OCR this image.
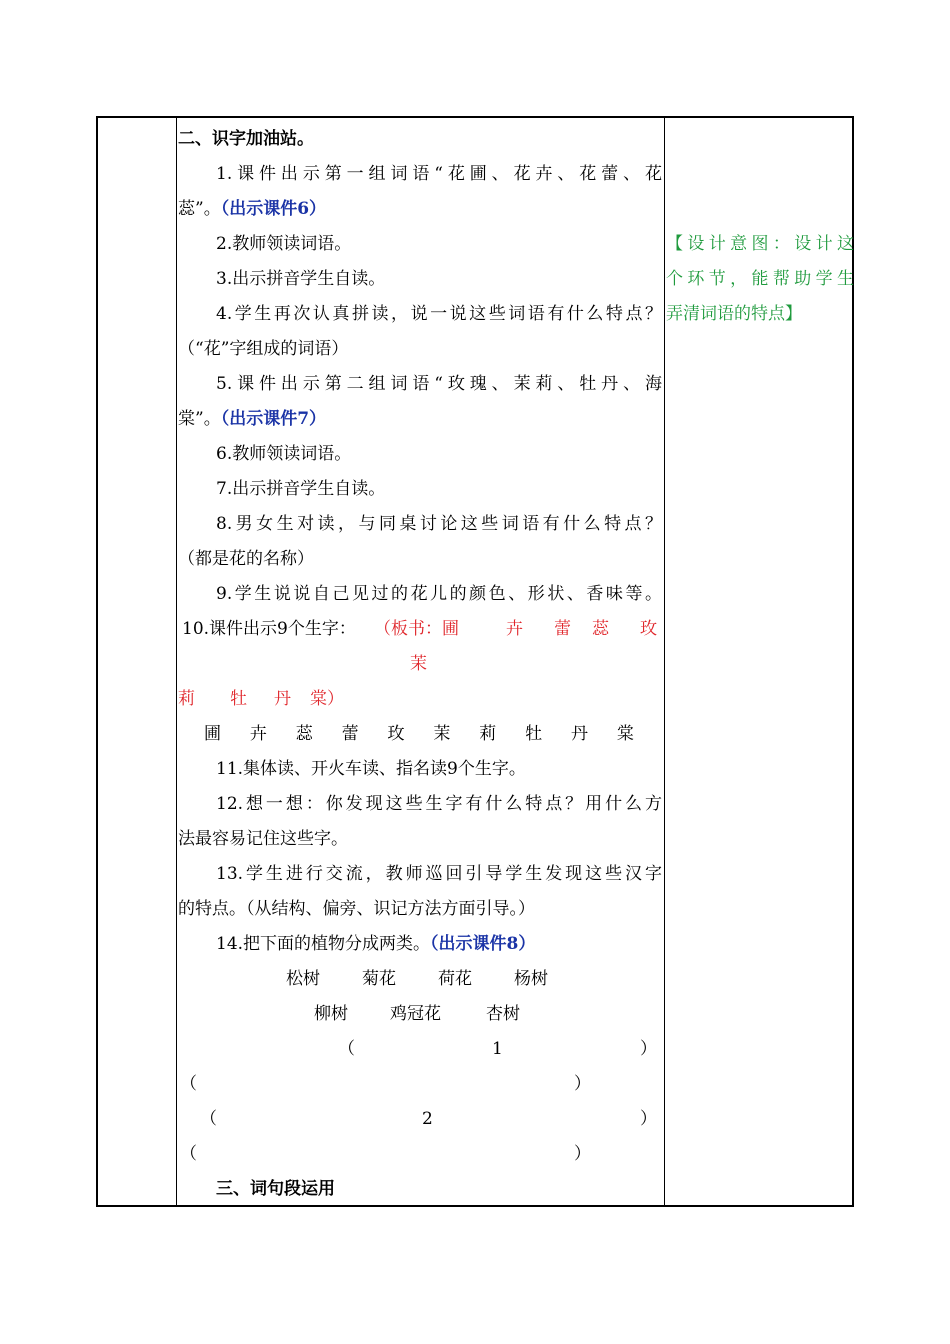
二、识字加油站。
1.课件出示第一组词语“花圃、花卉、花蕾、花
蕊”。（出示课件6）
2.教师领读词语。
3.出示拼音学生自读。
4.学生再次认真拼读，说一说这些词语有什么特点？
（“花”字组成的词语）
5.课件出示第二组词语“玫瑰、茉莉、牡丹、海
棠”。（出示课件7）
6.教师领读词语。
7.出示拼音学生自读。
8.男女生对读，与同桌讨论这些词语有什么特点？
（都是花的名称）
9.学生说说自己见过的花儿的颜色、形状、香味等。
10.课件出示9个生字： （板书：圃	卉 蕾 蕊 玫
茉
莉 牡 丹 棠）
圃 卉 蕊 蕾 玫 茉 莉 牡 丹 棠
11.集体读、开火车读、指名读9个生字。
12.想一想：你发现这些生字有什么特点？用什么方
法最容易记住这些字。
13.学生进行交流，教师巡回引导学生发现这些汉字
的特点。（从结构、偏旁、识记方法方面引导。）
14.把下面的植物分成两类。（出示课件8）
松树 菊花 荷花 杨树
柳树 鸡冠花	杏树
（	1	）
（	）
（	2	）
（	）
三、词句段运用
【设计意图：设计这
个环节，能帮助学生
弄清词语的特点】
